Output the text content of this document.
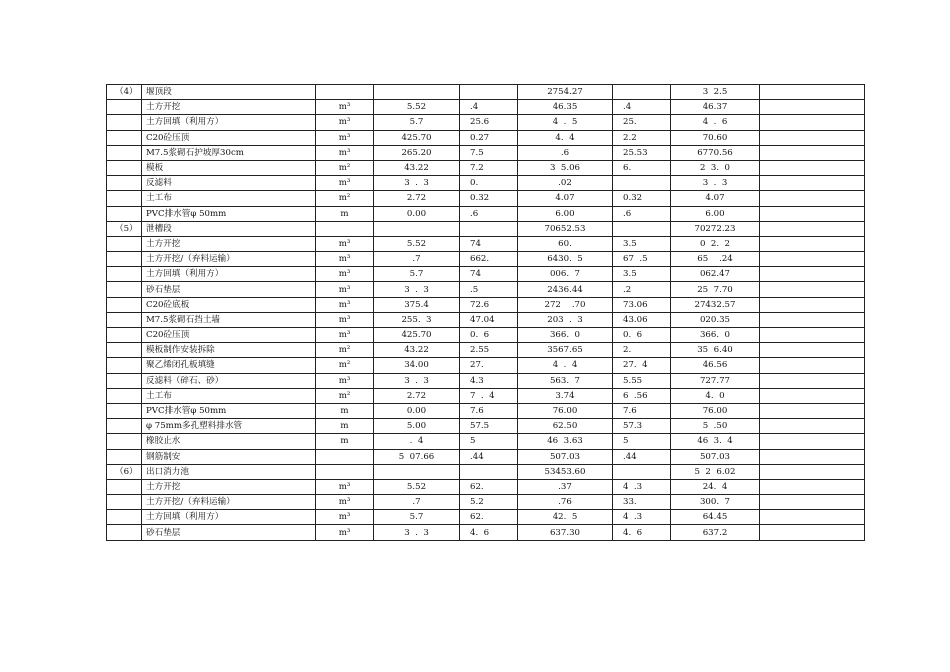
（4）	堰顶段				2754.27		3  2.5	
	土方开挖	m³	5.52	.4	46.35	.4	46.37	
	土方回填（利用方）	m³	5.7	25.6	4  .  5	25.	4  .  6	
	C20砼压顶	m³	425.70	0.27	4.  4	2.2	70.60	
	M7.5浆砌石护坡厚30cm	m³	265.20	7.5	.6	25.53	6770.56	
	模板	m²	43.22	7.2	3  5.06	6.	2  3.  0	
	反滤料	m³	3  .  3	0.	.02		3  .  3	
	土工布	m²	2.72	0.32	4.07	0.32	4.07	
	PVC排水管φ 50mm	m	0.00	.6	6.00	.6	6.00	
（5）	泄槽段				70652.53		70272.23	
	土方开挖	m³	5.52	74	60.	3.5	0  2.  2	
	土方开挖/（弃料运输）	m³	.7	662.	6430.  5	67  .5	65    .24	
	土方回填（利用方）	m³	5.7	74	006.  7	3.5	062.47	
	砂石垫层	m³	3  .  3	.5	2436.44	.2	25  7.70	
	C20砼底板	m³	375.4	72.6	272    .70	73.06	27432.57	
	M7.5浆砌石挡土墙	m³	255.  3	47.04	203  .  3	43.06	020.35	
	C20砼压顶	m³	425.70	0.  6	366.  0	0.  6	366.  0	
	模板制作安装拆除	m²	43.22	2.55	3567.65	2.	35  6.40	
	聚乙烯闭孔板填缝	m²	34.00	27.	4  .  4	27.  4	46.56	
	反滤料（碎石、砂）	m³	3  .  3	4.3	563.  7	5.55	727.77	
	土工布	m²	2.72	7  .  4	3.74	6  .56	4.  0	
	PVC排水管φ 50mm	m	0.00	7.6	76.00	7.6	76.00	
	φ 75mm多孔塑料排水管	m	5.00	57.5	62.50	57.3	5  .50	
	橡胶止水	m	.  4	5	46  3.63	5	46  3.  4	
	钢筋制安		5  07.66	.44	507.03	.44	507.03	
（6）	出口消力池				53453.60		5  2  6.02	
	土方开挖	m³	5.52	62.	.37	4  .3	24.  4	
	土方开挖/（弃料运输）	m³	.7	5.2	.76	33.	300.  7	
	土方回填（利用方）	m³	5.7	62.	42.  5	4  .3	64.45	
	砂石垫层	m³	3  .  3	4.  6	637.30	4.  6	637.2	
